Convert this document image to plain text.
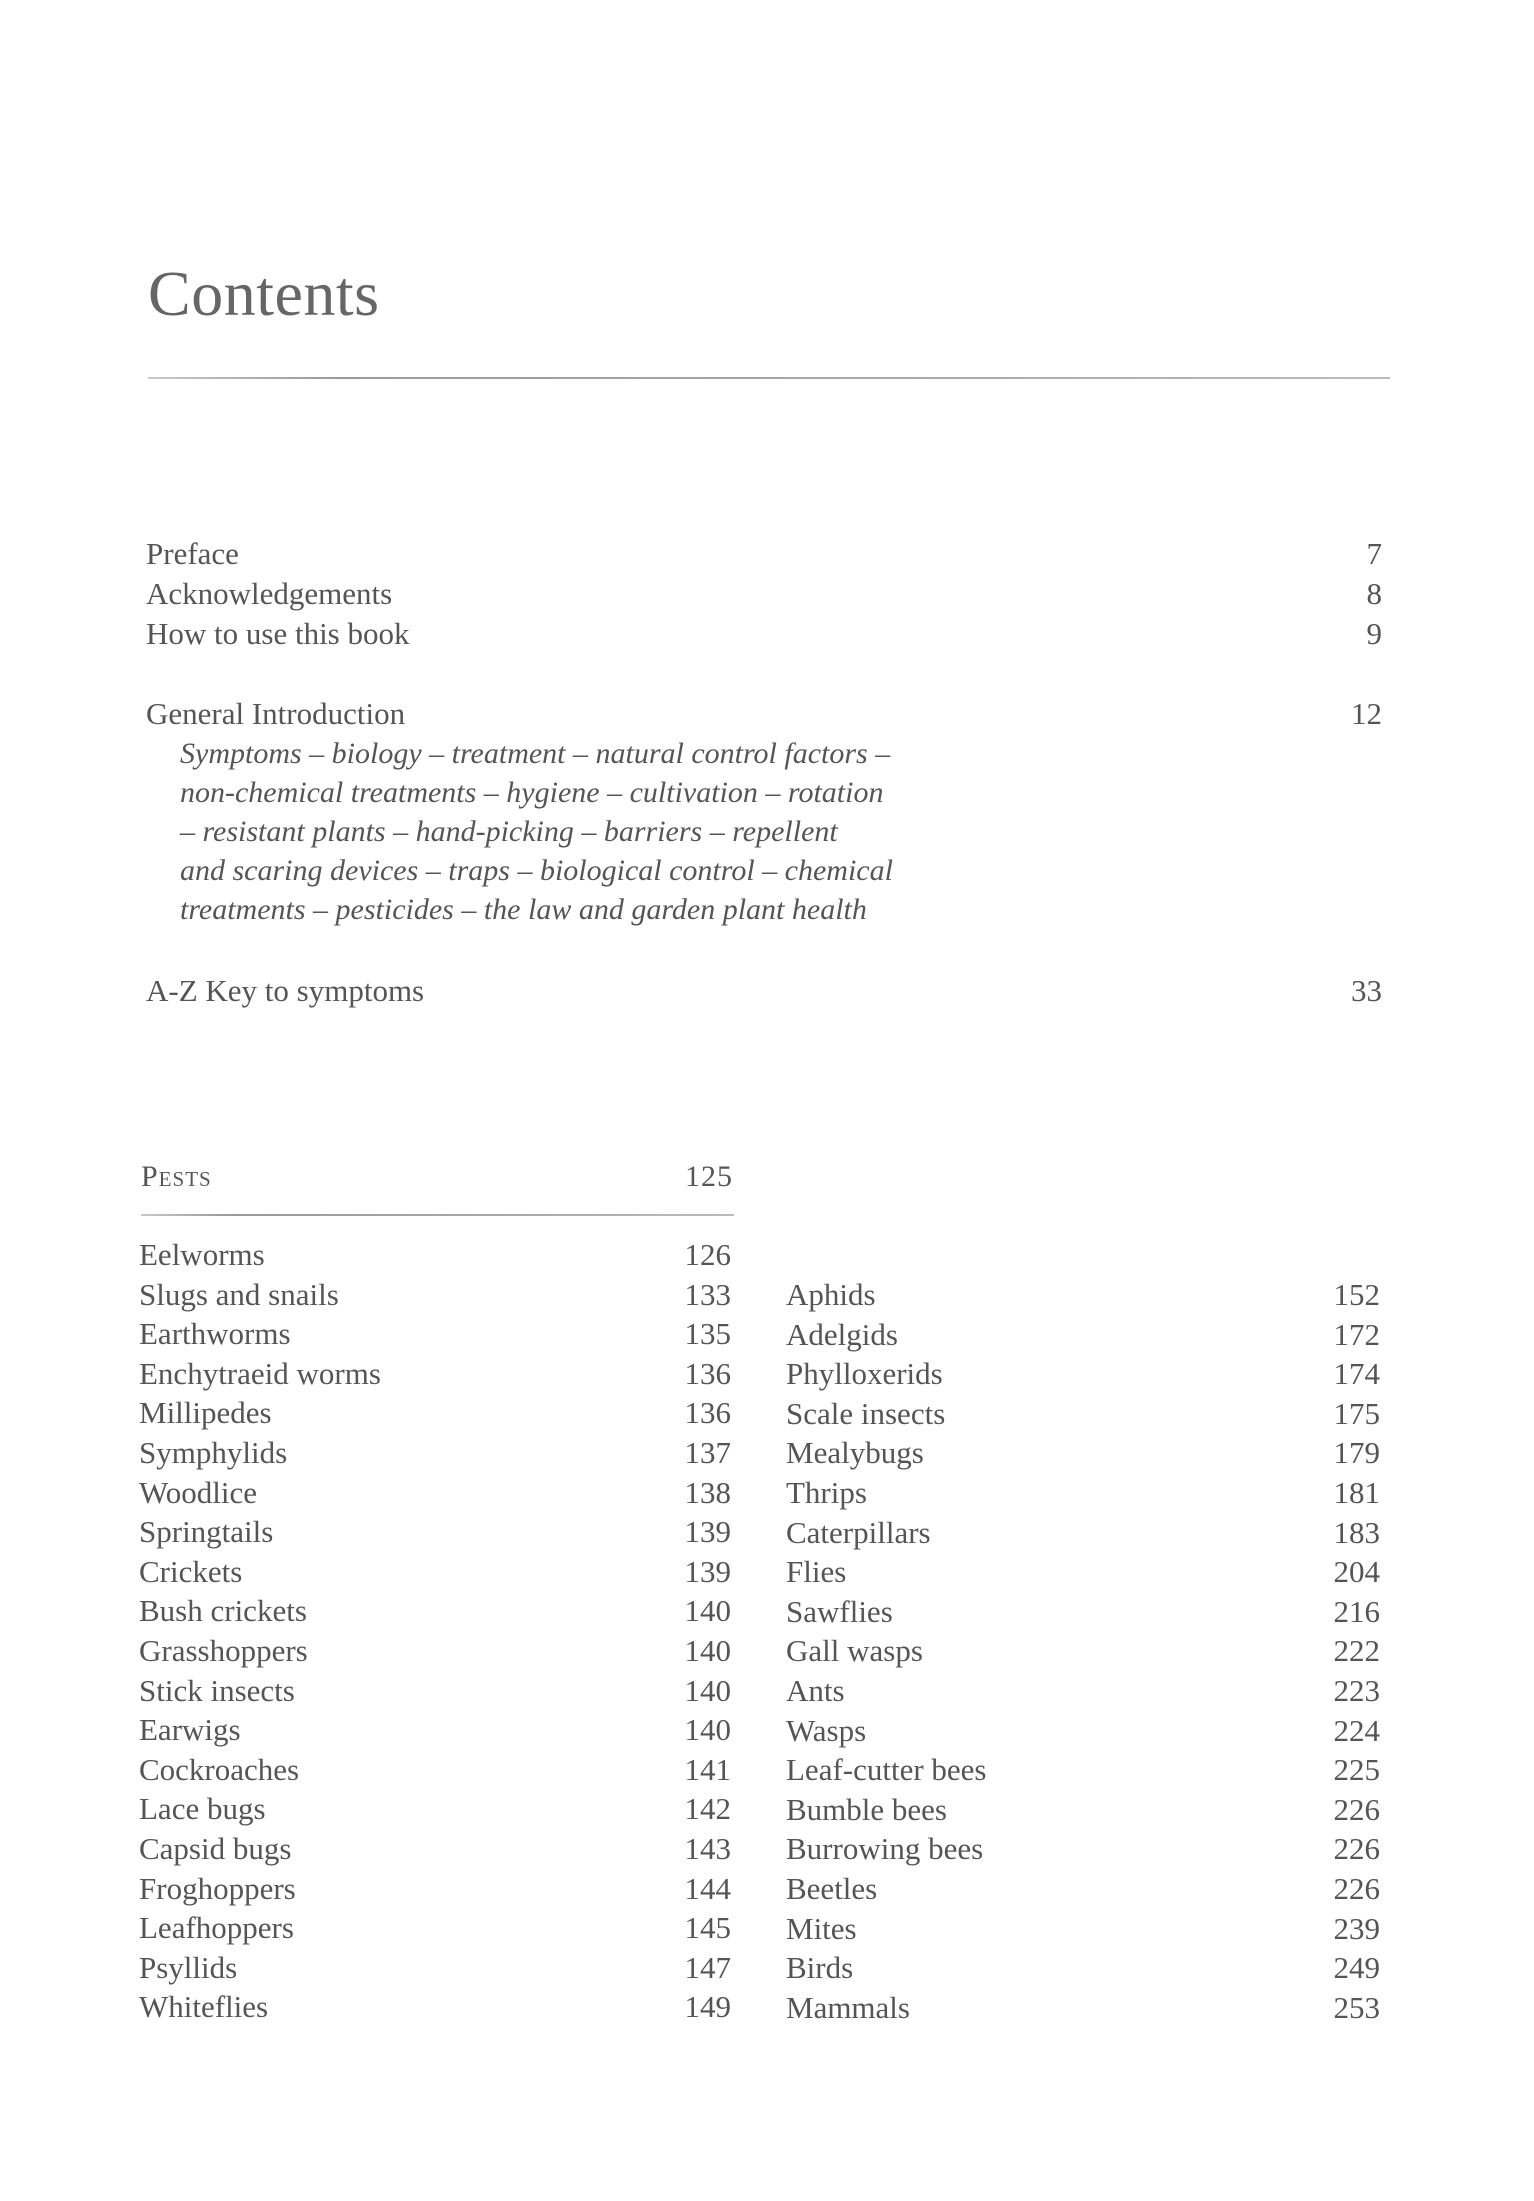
Contents
Preface	7
Acknowledgements	8
How to use this book	9
General Introduction	12
Symptoms – biology – treatment – natural control factors –
non-chemical treatments – hygiene – cultivation – rotation
– resistant plants – hand-picking – barriers – repellent
and scaring devices – traps – biological control – chemical
treatments – pesticides – the law and garden plant health
A-Z Key to symptoms	33
Pests	125
Eelworms	126
Slugs and snails	133
Earthworms	135
Enchytraeid worms	136
Millipedes	136
Symphylids	137
Woodlice	138
Springtails	139
Crickets	139
Bush crickets	140
Grasshoppers	140
Stick insects	140
Earwigs	140
Cockroaches	141
Lace bugs	142
Capsid bugs	143
Froghoppers	144
Leafhoppers	145
Psyllids	147
Whiteflies	149
Aphids	152
Adelgids	172
Phylloxerids	174
Scale insects	175
Mealybugs	179
Thrips	181
Caterpillars	183
Flies	204
Sawflies	216
Gall wasps	222
Ants	223
Wasps	224
Leaf-cutter bees	225
Bumble bees	226
Burrowing bees	226
Beetles	226
Mites	239
Birds	249
Mammals	253
